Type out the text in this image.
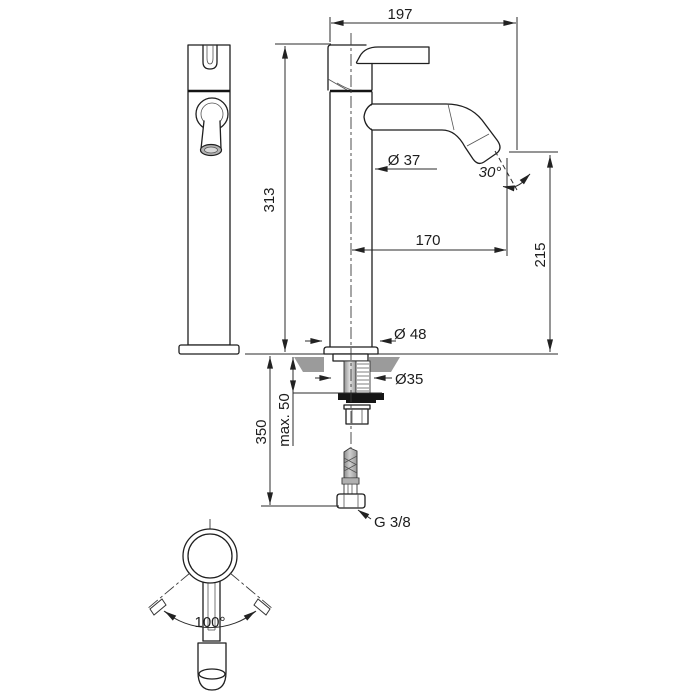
197
313
Ø 37
30°
170
215
Ø 48
Ø35
max. 50
350
G 3/8
100°
